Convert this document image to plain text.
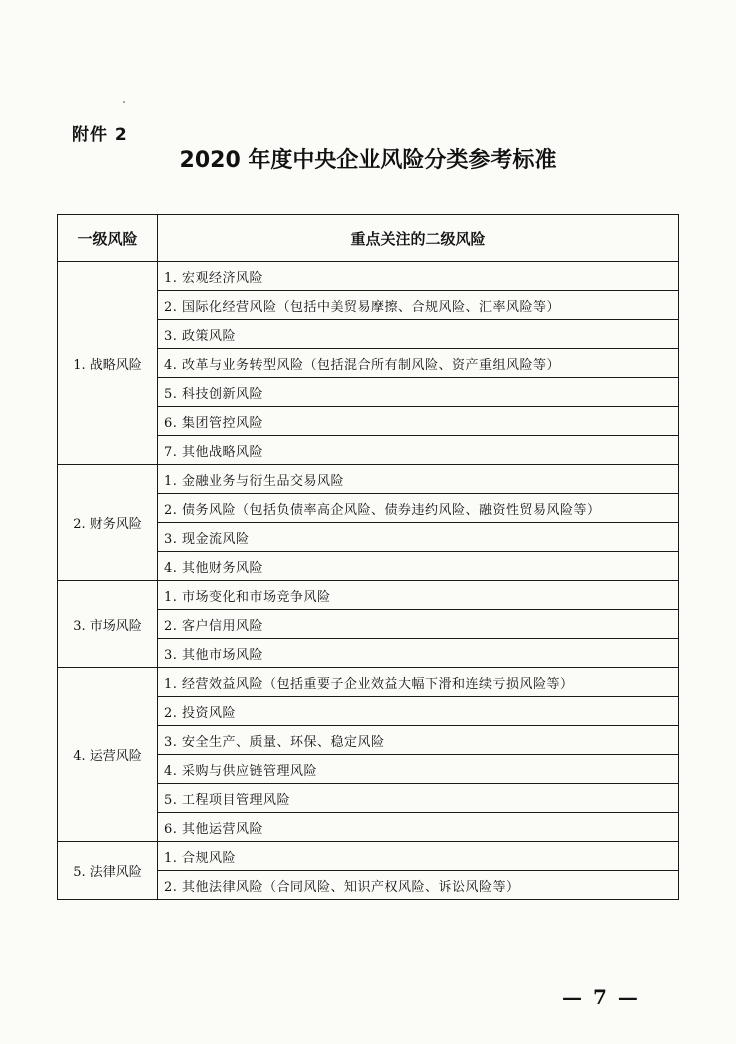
附件 2
2020 年度中央企业风险分类参考标准
一级风险	重点关注的二级风险
1. 战略风险	1. 宏观经济风险
	2. 国际化经营风险（包括中美贸易摩擦、合规风险、汇率风险等）
	3. 政策风险
	4. 改革与业务转型风险（包括混合所有制风险、资产重组风险等）
	5. 科技创新风险
	6. 集团管控风险
	7. 其他战略风险
2. 财务风险	1. 金融业务与衍生品交易风险
	2. 债务风险（包括负债率高企风险、债券违约风险、融资性贸易风险等）
	3. 现金流风险
	4. 其他财务风险
3. 市场风险	1. 市场变化和市场竞争风险
	2. 客户信用风险
	3. 其他市场风险
4. 运营风险	1. 经营效益风险（包括重要子企业效益大幅下滑和连续亏损风险等）
	2. 投资风险
	3. 安全生产、质量、环保、稳定风险
	4. 采购与供应链管理风险
	5. 工程项目管理风险
	6. 其他运营风险
5. 法律风险	1. 合规风险
	2. 其他法律风险（合同风险、知识产权风险、诉讼风险等）
— 7 —
